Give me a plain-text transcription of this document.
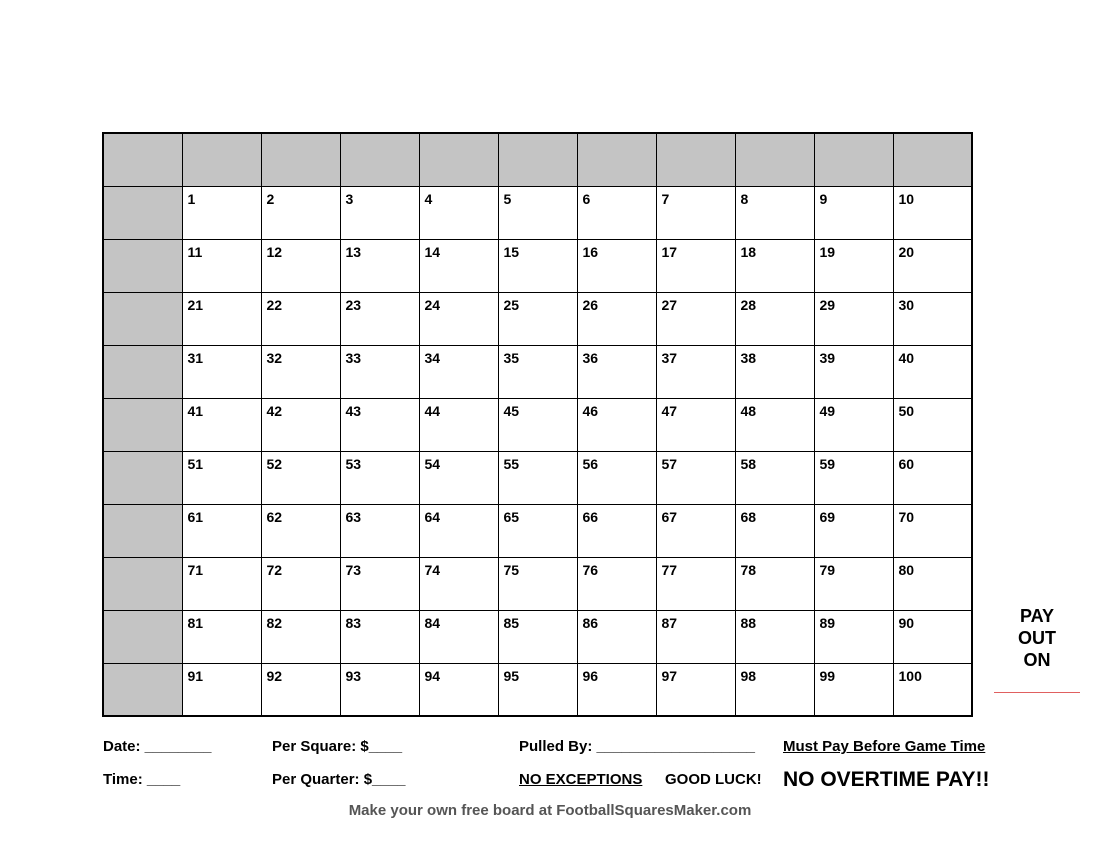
	1	2	3	4	5	6	7	8	9	10

	11	12	13	14	15	16	17	18	19	20

	21	22	23	24	25	26	27	28	29	30

	31	32	33	34	35	36	37	38	39	40

	41	42	43	44	45	46	47	48	49	50

	51	52	53	54	55	56	57	58	59	60

	61	62	63	64	65	66	67	68	69	70

	71	72	73	74	75	76	77	78	79	80

	81	82	83	84	85	86	87	88	89	90

	91	92	93	94	95	96	97	98	99	100
Date: ________
Time: ____
Per Square: $____
Per Quarter: $____
Pulled By: ___________________
NO EXCEPTIONS GOOD LUCK!
Must Pay Before Game Time
NO OVERTIME PAY!!
PAY
OUT
ON
Make your own free board at FootballSquaresMaker.com
